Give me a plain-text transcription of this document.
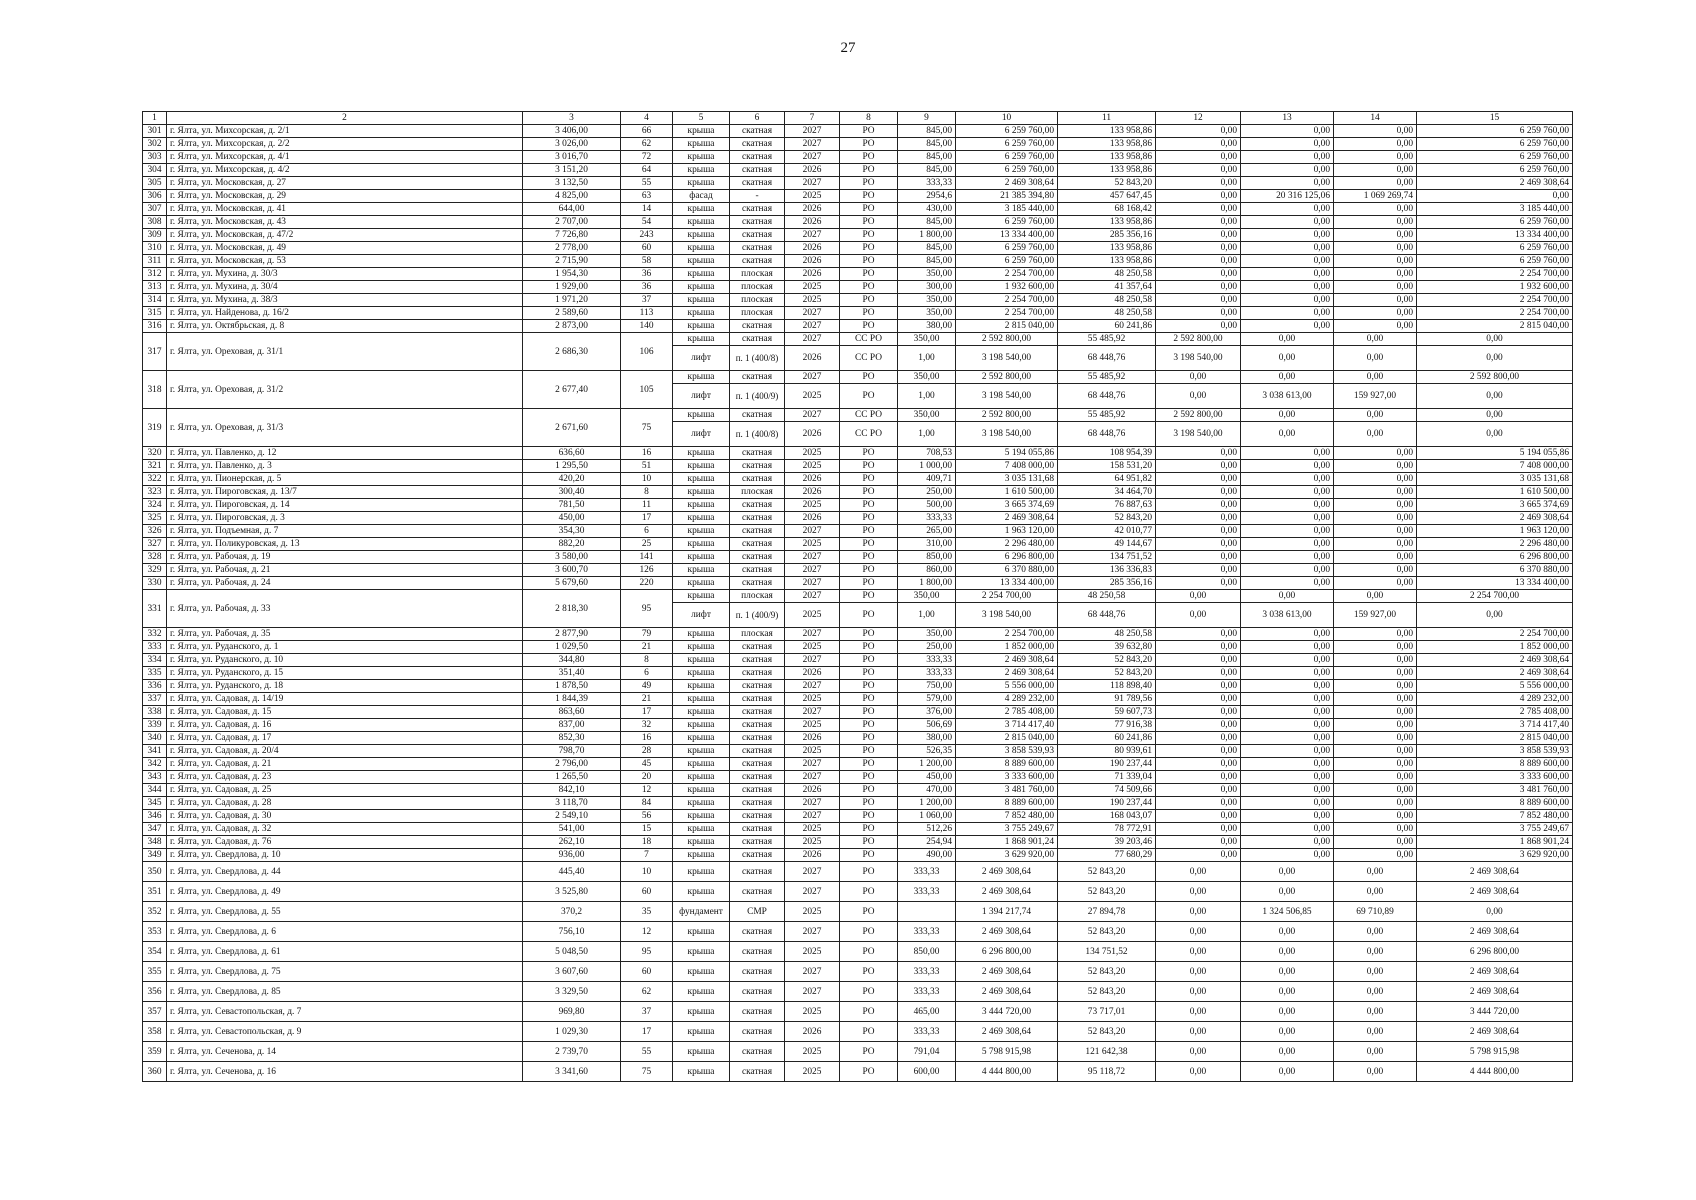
27
1	2	3	4	5	6	7	8	9	10	11	12	13	14	15
301	г. Ялта, ул. Михсорская, д. 2/1	3 406,00	66	крыша	скатная	2027	РО	845,00	6 259 760,00	133 958,86	0,00	0,00	0,00	6 259 760,00
302	г. Ялта, ул. Михсорская, д. 2/2	3 026,00	62	крыша	скатная	2027	РО	845,00	6 259 760,00	133 958,86	0,00	0,00	0,00	6 259 760,00
303	г. Ялта, ул. Михсорская, д. 4/1	3 016,70	72	крыша	скатная	2027	РО	845,00	6 259 760,00	133 958,86	0,00	0,00	0,00	6 259 760,00
304	г. Ялта, ул. Михсорская, д. 4/2	3 151,20	64	крыша	скатная	2026	РО	845,00	6 259 760,00	133 958,86	0,00	0,00	0,00	6 259 760,00
305	г. Ялта, ул. Московская, д. 27	3 132,50	55	крыша	скатная	2027	РО	333,33	2 469 308,64	52 843,20	0,00	0,00	0,00	2 469 308,64
306	г. Ялта, ул. Московская, д. 29	4 825,00	63	фасад	-	2025	РО	2954,6	21 385 394,80	457 647,45	0,00	20 316 125,06	1 069 269,74	0,00
307	г. Ялта, ул. Московская, д. 41	644,00	14	крыша	скатная	2026	РО	430,00	3 185 440,00	68 168,42	0,00	0,00	0,00	3 185 440,00
308	г. Ялта, ул. Московская, д. 43	2 707,00	54	крыша	скатная	2026	РО	845,00	6 259 760,00	133 958,86	0,00	0,00	0,00	6 259 760,00
309	г. Ялта, ул. Московская, д. 47/2	7 726,80	243	крыша	скатная	2027	РО	1 800,00	13 334 400,00	285 356,16	0,00	0,00	0,00	13 334 400,00
310	г. Ялта, ул. Московская, д. 49	2 778,00	60	крыша	скатная	2026	РО	845,00	6 259 760,00	133 958,86	0,00	0,00	0,00	6 259 760,00
311	г. Ялта, ул. Московская, д. 53	2 715,90	58	крыша	скатная	2026	РО	845,00	6 259 760,00	133 958,86	0,00	0,00	0,00	6 259 760,00
312	г. Ялта, ул. Мухина, д. 30/3	1 954,30	36	крыша	плоская	2026	РО	350,00	2 254 700,00	48 250,58	0,00	0,00	0,00	2 254 700,00
313	г. Ялта, ул. Мухина, д. 30/4	1 929,00	36	крыша	плоская	2025	РО	300,00	1 932 600,00	41 357,64	0,00	0,00	0,00	1 932 600,00
314	г. Ялта, ул. Мухина, д. 38/3	1 971,20	37	крыша	плоская	2025	РО	350,00	2 254 700,00	48 250,58	0,00	0,00	0,00	2 254 700,00
315	г. Ялта, ул. Найденова, д. 16/2	2 589,60	113	крыша	плоская	2027	РО	350,00	2 254 700,00	48 250,58	0,00	0,00	0,00	2 254 700,00
316	г. Ялта, ул. Октябрьская, д. 8	2 873,00	140	крыша	скатная	2027	РО	380,00	2 815 040,00	60 241,86	0,00	0,00	0,00	2 815 040,00
317	г. Ялта, ул. Ореховая, д. 31/1	2 686,30	106	крыша	скатная	2027	СС РО	350,00	2 592 800,00	55 485,92	2 592 800,00	0,00	0,00	0,00
				лифт	п. 1 (400/8)	2026	СС РО	1,00	3 198 540,00	68 448,76	3 198 540,00	0,00	0,00	0,00
318	г. Ялта, ул. Ореховая, д. 31/2	2 677,40	105	крыша	скатная	2027	РО	350,00	2 592 800,00	55 485,92	0,00	0,00	0,00	2 592 800,00
				лифт	п. 1 (400/9)	2025	РО	1,00	3 198 540,00	68 448,76	0,00	3 038 613,00	159 927,00	0,00
319	г. Ялта, ул. Ореховая, д. 31/3	2 671,60	75	крыша	скатная	2027	СС РО	350,00	2 592 800,00	55 485,92	2 592 800,00	0,00	0,00	0,00
				лифт	п. 1 (400/8)	2026	СС РО	1,00	3 198 540,00	68 448,76	3 198 540,00	0,00	0,00	0,00
320	г. Ялта, ул. Павленко, д. 12	636,60	16	крыша	скатная	2025	РО	708,53	5 194 055,86	108 954,39	0,00	0,00	0,00	5 194 055,86
321	г. Ялта, ул. Павленко, д. 3	1 295,50	51	крыша	скатная	2025	РО	1 000,00	7 408 000,00	158 531,20	0,00	0,00	0,00	7 408 000,00
322	г. Ялта, ул. Пионерская, д. 5	420,20	10	крыша	скатная	2026	РО	409,71	3 035 131,68	64 951,82	0,00	0,00	0,00	3 035 131,68
323	г. Ялта, ул. Пироговская, д. 13/7	300,40	8	крыша	плоская	2026	РО	250,00	1 610 500,00	34 464,70	0,00	0,00	0,00	1 610 500,00
324	г. Ялта, ул. Пироговская, д. 14	781,50	11	крыша	скатная	2025	РО	500,00	3 665 374,69	76 887,63	0,00	0,00	0,00	3 665 374,69
325	г. Ялта, ул. Пироговская, д. 3	450,00	17	крыша	скатная	2026	РО	333,33	2 469 308,64	52 843,20	0,00	0,00	0,00	2 469 308,64
326	г. Ялта, ул. Подъемная, д. 7	354,30	6	крыша	скатная	2027	РО	265,00	1 963 120,00	42 010,77	0,00	0,00	0,00	1 963 120,00
327	г. Ялта, ул. Поликуровская, д. 13	882,20	25	крыша	скатная	2025	РО	310,00	2 296 480,00	49 144,67	0,00	0,00	0,00	2 296 480,00
328	г. Ялта, ул. Рабочая, д. 19	3 580,00	141	крыша	скатная	2027	РО	850,00	6 296 800,00	134 751,52	0,00	0,00	0,00	6 296 800,00
329	г. Ялта, ул. Рабочая, д. 21	3 600,70	126	крыша	скатная	2027	РО	860,00	6 370 880,00	136 336,83	0,00	0,00	0,00	6 370 880,00
330	г. Ялта, ул. Рабочая, д. 24	5 679,60	220	крыша	скатная	2027	РО	1 800,00	13 334 400,00	285 356,16	0,00	0,00	0,00	13 334 400,00
331	г. Ялта, ул. Рабочая, д. 33	2 818,30	95	крыша	плоская	2027	РО	350,00	2 254 700,00	48 250,58	0,00	0,00	0,00	2 254 700,00
				лифт	п. 1 (400/9)	2025	РО	1,00	3 198 540,00	68 448,76	0,00	3 038 613,00	159 927,00	0,00
332	г. Ялта, ул. Рабочая, д. 35	2 877,90	79	крыша	плоская	2027	РО	350,00	2 254 700,00	48 250,58	0,00	0,00	0,00	2 254 700,00
333	г. Ялта, ул. Руданского, д. 1	1 029,50	21	крыша	скатная	2025	РО	250,00	1 852 000,00	39 632,80	0,00	0,00	0,00	1 852 000,00
334	г. Ялта, ул. Руданского, д. 10	344,80	8	крыша	скатная	2027	РО	333,33	2 469 308,64	52 843,20	0,00	0,00	0,00	2 469 308,64
335	г. Ялта, ул. Руданского, д. 15	351,40	6	крыша	скатная	2026	РО	333,33	2 469 308,64	52 843,20	0,00	0,00	0,00	2 469 308,64
336	г. Ялта, ул. Руданского, д. 18	1 878,50	49	крыша	скатная	2027	РО	750,00	5 556 000,00	118 898,40	0,00	0,00	0,00	5 556 000,00
337	г. Ялта, ул. Садовая, д. 14/19	1 844,39	21	крыша	скатная	2025	РО	579,00	4 289 232,00	91 789,56	0,00	0,00	0,00	4 289 232,00
338	г. Ялта, ул. Садовая, д. 15	863,60	17	крыша	скатная	2027	РО	376,00	2 785 408,00	59 607,73	0,00	0,00	0,00	2 785 408,00
339	г. Ялта, ул. Садовая, д. 16	837,00	32	крыша	скатная	2025	РО	506,69	3 714 417,40	77 916,38	0,00	0,00	0,00	3 714 417,40
340	г. Ялта, ул. Садовая, д. 17	852,30	16	крыша	скатная	2026	РО	380,00	2 815 040,00	60 241,86	0,00	0,00	0,00	2 815 040,00
341	г. Ялта, ул. Садовая, д. 20/4	798,70	28	крыша	скатная	2025	РО	526,35	3 858 539,93	80 939,61	0,00	0,00	0,00	3 858 539,93
342	г. Ялта, ул. Садовая, д. 21	2 796,00	45	крыша	скатная	2027	РО	1 200,00	8 889 600,00	190 237,44	0,00	0,00	0,00	8 889 600,00
343	г. Ялта, ул. Садовая, д. 23	1 265,50	20	крыша	скатная	2027	РО	450,00	3 333 600,00	71 339,04	0,00	0,00	0,00	3 333 600,00
344	г. Ялта, ул. Садовая, д. 25	842,10	12	крыша	скатная	2026	РО	470,00	3 481 760,00	74 509,66	0,00	0,00	0,00	3 481 760,00
345	г. Ялта, ул. Садовая, д. 28	3 118,70	84	крыша	скатная	2027	РО	1 200,00	8 889 600,00	190 237,44	0,00	0,00	0,00	8 889 600,00
346	г. Ялта, ул. Садовая, д. 30	2 549,10	56	крыша	скатная	2027	РО	1 060,00	7 852 480,00	168 043,07	0,00	0,00	0,00	7 852 480,00
347	г. Ялта, ул. Садовая, д. 32	541,00	15	крыша	скатная	2025	РО	512,26	3 755 249,67	78 772,91	0,00	0,00	0,00	3 755 249,67
348	г. Ялта, ул. Садовая, д. 76	262,10	18	крыша	скатная	2025	РО	254,94	1 868 901,24	39 203,46	0,00	0,00	0,00	1 868 901,24
349	г. Ялта, ул. Свердлова, д. 10	936,00	7	крыша	скатная	2026	РО	490,00	3 629 920,00	77 680,29	0,00	0,00	0,00	3 629 920,00
350	г. Ялта, ул. Свердлова, д. 44	445,40	10	крыша	скатная	2027	РО	333,33	2 469 308,64	52 843,20	0,00	0,00	0,00	2 469 308,64
351	г. Ялта, ул. Свердлова, д. 49	3 525,80	60	крыша	скатная	2027	РО	333,33	2 469 308,64	52 843,20	0,00	0,00	0,00	2 469 308,64
352	г. Ялта, ул. Свердлова, д. 55	370,2	35	фундамент	СМР	2025	РО		1 394 217,74	27 894,78	0,00	1 324 506,85	69 710,89	0,00
353	г. Ялта, ул. Свердлова, д. 6	756,10	12	крыша	скатная	2027	РО	333,33	2 469 308,64	52 843,20	0,00	0,00	0,00	2 469 308,64
354	г. Ялта, ул. Свердлова, д. 61	5 048,50	95	крыша	скатная	2025	РО	850,00	6 296 800,00	134 751,52	0,00	0,00	0,00	6 296 800,00
355	г. Ялта, ул. Свердлова, д. 75	3 607,60	60	крыша	скатная	2027	РО	333,33	2 469 308,64	52 843,20	0,00	0,00	0,00	2 469 308,64
356	г. Ялта, ул. Свердлова, д. 85	3 329,50	62	крыша	скатная	2027	РО	333,33	2 469 308,64	52 843,20	0,00	0,00	0,00	2 469 308,64
357	г. Ялта, ул. Севастопольская, д. 7	969,80	37	крыша	скатная	2025	РО	465,00	3 444 720,00	73 717,01	0,00	0,00	0,00	3 444 720,00
358	г. Ялта, ул. Севастопольская, д. 9	1 029,30	17	крыша	скатная	2026	РО	333,33	2 469 308,64	52 843,20	0,00	0,00	0,00	2 469 308,64
359	г. Ялта, ул. Сеченова, д. 14	2 739,70	55	крыша	скатная	2025	РО	791,04	5 798 915,98	121 642,38	0,00	0,00	0,00	5 798 915,98
360	г. Ялта, ул. Сеченова, д. 16	3 341,60	75	крыша	скатная	2025	РО	600,00	4 444 800,00	95 118,72	0,00	0,00	0,00	4 444 800,00
